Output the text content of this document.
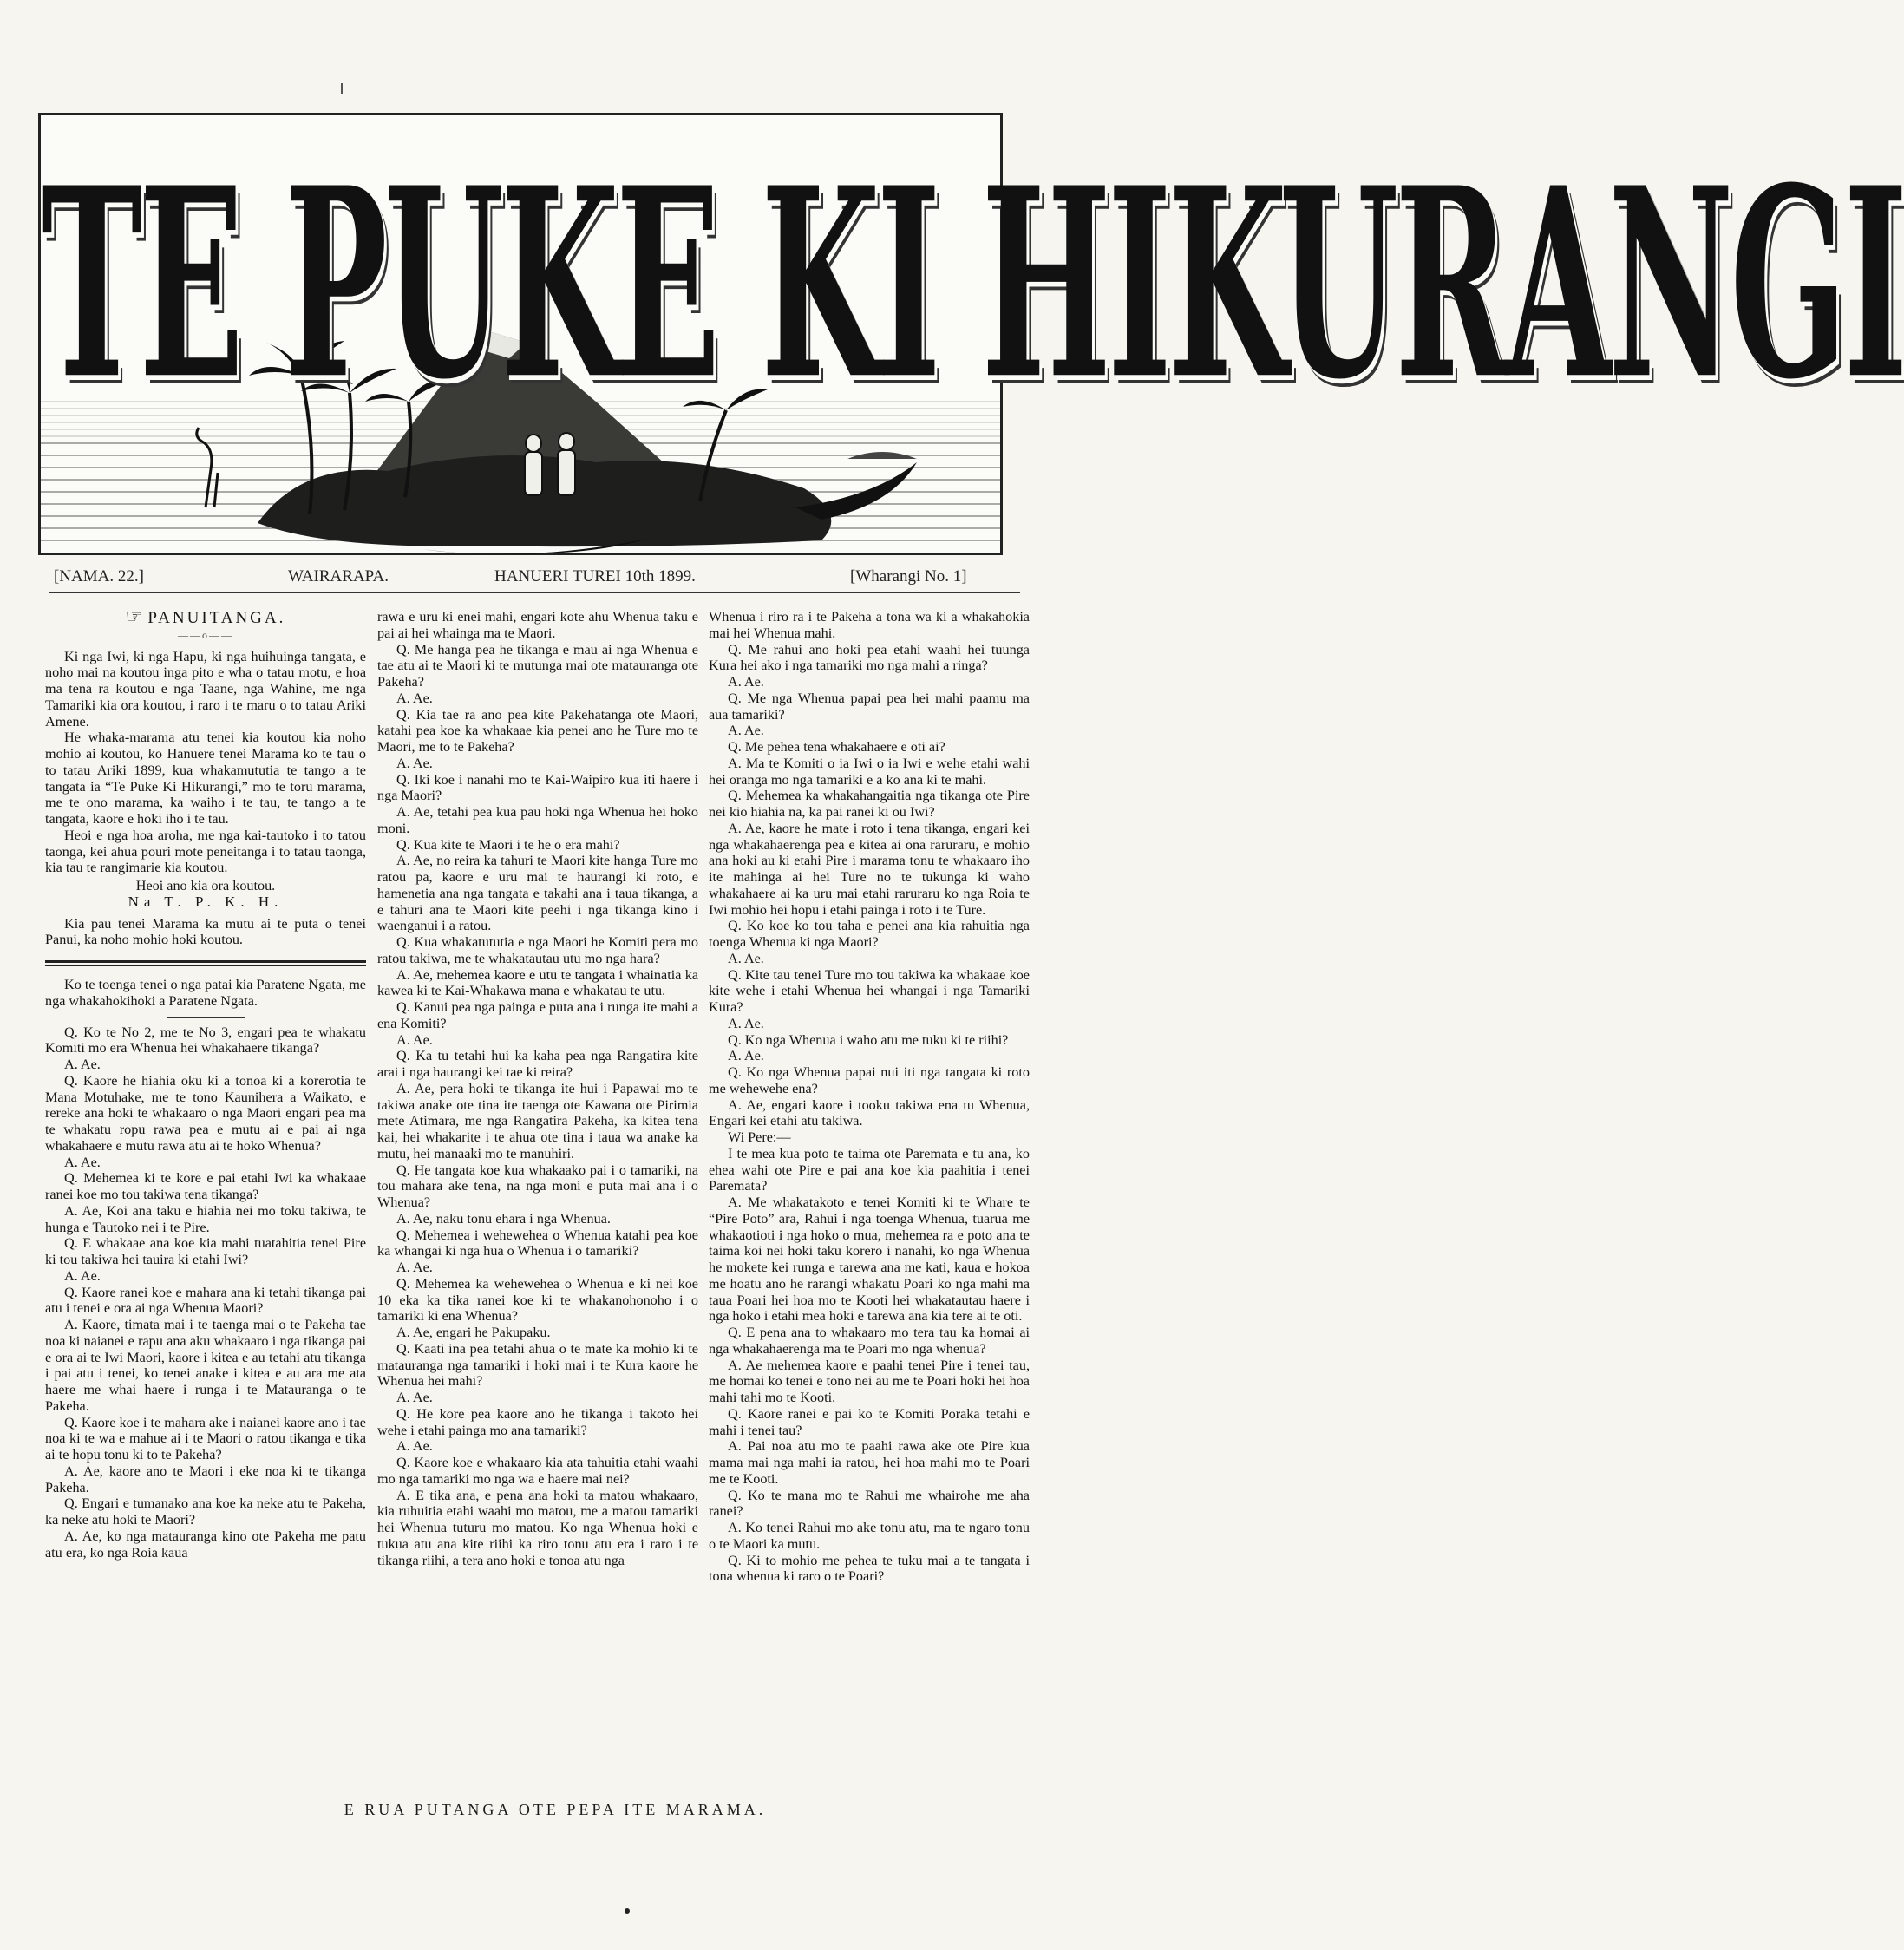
TE PUKE KI HIKURANGI
[NAMA. 22.]	WAIRARAPA.	HANUERI TUREI 10th 1899.	[Wharangi No. 1]
☞ PANUITANGA.
——o——

Ki nga Iwi, ki nga Hapu, ki nga huihuinga tangata, e noho mai na koutou inga pito e wha o tatau motu, e hoa ma tena ra koutou e nga Taane, nga Wahine, me nga Tamariki kia ora koutou, i raro i te maru o to tatau Ariki Amene.

He whaka-marama atu tenei kia koutou kia noho mohio ai koutou, ko Hanuere tenei Marama ko te tau o to tatau Ariki 1899, kua whakamututia te tango a te tangata ia “Te Puke Ki Hikurangi,” mo te toru marama, me te ono marama, ka waiho i te tau, te tango a te tangata, kaore e hoki iho i te tau.

Heoi e nga hoa aroha, me nga kai-tautoko i to tatou taonga, kei ahua pouri mote peneitanga i to tatau taonga, kia tau te rangimarie kia koutou.

Heoi ano kia ora koutou.

Na T. P. K. H.

Kia pau tenei Marama ka mutu ai te puta o tenei Panui, ka noho mohio hoki koutou.

Ko te toenga tenei o nga patai kia Paratene Ngata, me nga whakahokihoki a Paratene Ngata.

Q. Ko te No 2, me te No 3, engari pea te whakatu Komiti mo era Whenua hei whakahaere tikanga?

A. Ae.

Q. Kaore he hiahia oku ki a tonoa ki a korerotia te Mana Motuhake, me te tono Kaunihera a Waikato, e rereke ana hoki te whakaaro o nga Maori engari pea ma te whakatu ropu rawa pea e mutu ai e pai ai nga whakahaere e mutu rawa atu ai te hoko Whenua?

A. Ae.

Q. Mehemea ki te kore e pai etahi Iwi ka whakaae ranei koe mo tou takiwa tena tikanga?

A. Ae, Koi ana taku e hiahia nei mo toku takiwa, te hunga e Tautoko nei i te Pire.

Q. E whakaae ana koe kia mahi tuatahitia tenei Pire ki tou takiwa hei tauira ki etahi Iwi?

A. Ae.

Q. Kaore ranei koe e mahara ana ki tetahi tikanga pai atu i tenei e ora ai nga Whenua Maori?

A. Kaore, timata mai i te taenga mai o te Pakeha tae noa ki naianei e rapu ana aku whakaaro i nga tikanga pai e ora ai te Iwi Maori, kaore i kitea e au tetahi atu tikanga i pai atu i tenei, ko tenei anake i kitea e au ara me ata haere me whai haere i runga i te Matauranga o te Pakeha.

Q. Kaore koe i te mahara ake i naianei kaore ano i tae noa ki te wa e mahue ai i te Maori o ratou tikanga e tika ai te hopu tonu ki to te Pakeha?

A. Ae, kaore ano te Maori i eke noa ki te tikanga Pakeha.

Q. Engari e tumanako ana koe ka neke atu te Pakeha, ka neke atu hoki te Maori?

A. Ae, ko nga matauranga kino ote Pakeha me patu atu era, ko nga Roia kaua

rawa e uru ki enei mahi, engari kote ahu Whenua taku e pai ai hei whainga ma te Maori.

Q. Me hanga pea he tikanga e mau ai nga Whenua e tae atu ai te Maori ki te mutunga mai ote matauranga ote Pakeha?

A. Ae.

Q. Kia tae ra ano pea kite Pakehatanga ote Maori, katahi pea koe ka whakaae kia penei ano he Ture mo te Maori, me to te Pakeha?

A. Ae.

Q. Iki koe i nanahi mo te Kai-Waipiro kua iti haere i nga Maori?

A. Ae, tetahi pea kua pau hoki nga Whenua hei hoko moni.

Q. Kua kite te Maori i te he o era mahi?

A. Ae, no reira ka tahuri te Maori kite hanga Ture mo ratou pa, kaore e uru mai te haurangi ki roto, e hamenetia ana nga tangata e takahi ana i taua tikanga, a e tahuri ana te Maori kite peehi i nga tikanga kino i waenganui i a ratou.

Q. Kua whakatututia e nga Maori he Komiti pera mo ratou takiwa, me te whakatautau utu mo nga hara?

A. Ae, mehemea kaore e utu te tangata i whainatia ka kawea ki te Kai-Whakawa mana e whakatau te utu.

Q. Kanui pea nga painga e puta ana i runga ite mahi a ena Komiti?

A. Ae.

Q. Ka tu tetahi hui ka kaha pea nga Rangatira kite arai i nga haurangi kei tae ki reira?

A. Ae, pera hoki te tikanga ite hui i Papawai mo te takiwa anake ote tina ite taenga ote Kawana ote Pirimia mete Atimara, me nga Rangatira Pakeha, ka kitea tena kai, hei whakarite i te ahua ote tina i taua wa anake ka mutu, hei manaaki mo te manuhiri.

Q. He tangata koe kua whakaako pai i o tamariki, na tou mahara ake tena, na nga moni e puta mai ana i o Whenua?

A. Ae, naku tonu ehara i nga Whenua.

Q. Mehemea i wehewehea o Whenua katahi pea koe ka whangai ki nga hua o Whenua i o tamariki?

A. Ae.

Q. Mehemea ka wehewehea o Whenua e ki nei koe 10 eka ka tika ranei koe ki te whakanohonoho i o tamariki ki ena Whenua?

A. Ae, engari he Pakupaku.

Q. Kaati ina pea tetahi ahua o te mate ka mohio ki te matauranga nga tamariki i hoki mai i te Kura kaore he Whenua hei mahi?

A. Ae.

Q. He kore pea kaore ano he tikanga i takoto hei wehe i etahi painga mo ana tamariki?

A. Ae.

Q. Kaore koe e whakaaro kia ata tahuitia etahi waahi mo nga tamariki mo nga wa e haere mai nei?

A. E tika ana, e pena ana hoki ta matou whakaaro, kia ruhuitia etahi waahi mo matou, me a matou tamariki hei Whenua tuturu mo matou. Ko nga Whenua hoki e tukua atu ana kite riihi ka riro tonu atu era i raro i te tikanga riihi, a tera ano hoki e tonoa atu nga

Whenua i riro ra i te Pakeha a tona wa ki a whakahokia mai hei Whenua mahi.

Q. Me rahui ano hoki pea etahi waahi hei tuunga Kura hei ako i nga tamariki mo nga mahi a ringa?

A. Ae.

Q. Me nga Whenua papai pea hei mahi paamu ma aua tamariki?

A. Ae.

Q. Me pehea tena whakahaere e oti ai?

A. Ma te Komiti o ia Iwi o ia Iwi e wehe etahi wahi hei oranga mo nga tamariki e a ko ana ki te mahi.

Q. Mehemea ka whakahangaitia nga tikanga ote Pire nei kio hiahia na, ka pai ranei ki ou Iwi?

A. Ae, kaore he mate i roto i tena tikanga, engari kei nga whakahaerenga pea e kitea ai ona raruraru, e mohio ana hoki au ki etahi Pire i marama tonu te whakaaro iho ite mahinga ai hei Ture no te tukunga ki waho whakahaere ai ka uru mai etahi raruraru ko nga Roia te Iwi mohio hei hopu i etahi painga i roto i te Ture.

Q. Ko koe ko tou taha e penei ana kia rahuitia nga toenga Whenua ki nga Maori?

A. Ae.

Q. Kite tau tenei Ture mo tou takiwa ka whakaae koe kite wehe i etahi Whenua hei whangai i nga Tamariki Kura?

A. Ae.

Q. Ko nga Whenua i waho atu me tuku ki te riihi?

A. Ae.

Q. Ko nga Whenua papai nui iti nga tangata ki roto me wehewehe ena?

A. Ae, engari kaore i tooku takiwa ena tu Whenua, Engari kei etahi atu takiwa.

Wi Pere:—

I te mea kua poto te taima ote Paremata e tu ana, ko ehea wahi ote Pire e pai ana koe kia paahitia i tenei Paremata?

A. Me whakatakoto e tenei Komiti ki te Whare te “Pire Poto” ara, Rahui i nga toenga Whenua, tuarua me whakaotioti i nga hoko o mua, mehemea ra e poto ana te taima koi nei hoki taku korero i nanahi, ko nga Whenua he mokete kei runga e tarewa ana me kati, kaua e hokoa me hoatu ano he rarangi whakatu Poari ko nga mahi ma taua Poari hei hoa mo te Kooti hei whakatautau haere i nga hoko i etahi mea hoki e tarewa ana kia tere ai te oti.

Q. E pena ana to whakaaro mo tera tau ka homai ai nga whakahaerenga ma te Poari mo nga whenua?

A. Ae mehemea kaore e paahi tenei Pire i tenei tau, me homai ko tenei e tono nei au me te Poari hoki hei hoa mahi tahi mo te Kooti.

Q. Kaore ranei e pai ko te Komiti Poraka tetahi e mahi i tenei tau?

A. Pai noa atu mo te paahi rawa ake ote Pire kua mama mai nga mahi ia ratou, hei hoa mahi mo te Poari me te Kooti.

Q. Ko te mana mo te Rahui me whairohe me aha ranei?

A. Ko tenei Rahui mo ake tonu atu, ma te ngaro tonu o te Maori ka mutu.

Q. Ki to mohio me pehea te tuku mai a te tangata i tona whenua ki raro o te Poari?

E RUA PUTANGA OTE PEPA ITE MARAMA.
